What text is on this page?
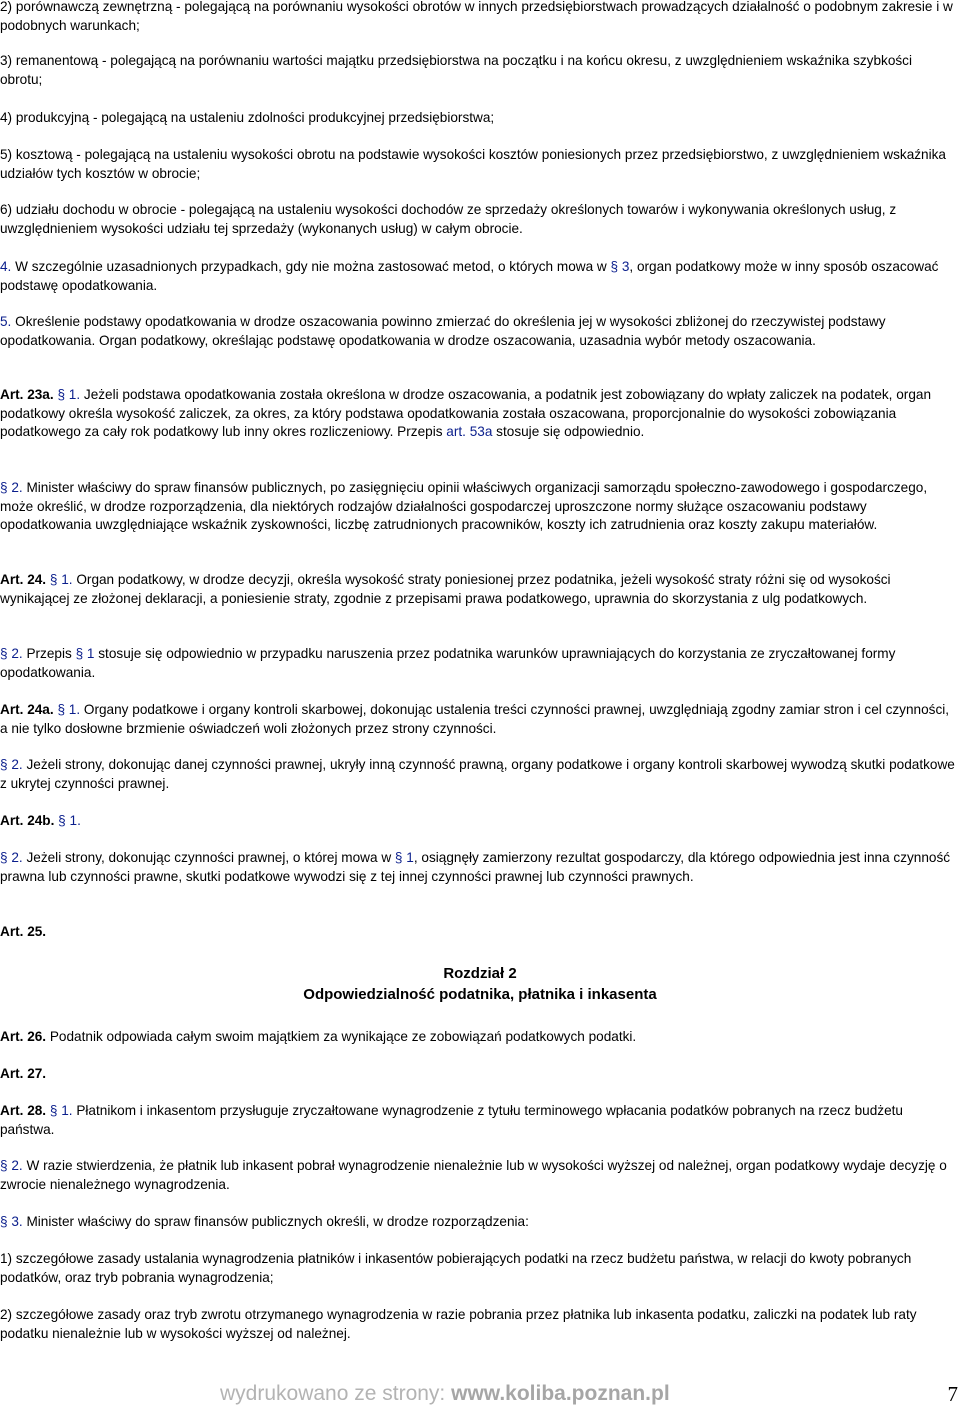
2) porównawczą zewnętrzną - polegającą na porównaniu wysokości obrotów w innych przedsiębiorstwach prowadzących działalność o podobnym zakresie i w podobnych warunkach;

3) remanentową - polegającą na porównaniu wartości majątku przedsiębiorstwa na początku i na końcu okresu, z uwzględnieniem wskaźnika szybkości obrotu;

4) produkcyjną - polegającą na ustaleniu zdolności produkcyjnej przedsiębiorstwa;

5) kosztową - polegającą na ustaleniu wysokości obrotu na podstawie wysokości kosztów poniesionych przez przedsiębiorstwo, z uwzględnieniem wskaźnika udziałów tych kosztów w obrocie;

6) udziału dochodu w obrocie - polegającą na ustaleniu wysokości dochodów ze sprzedaży określonych towarów i wykonywania określonych usług, z uwzględnieniem wysokości udziału tej sprzedaży (wykonanych usług) w całym obrocie.

4. W szczególnie uzasadnionych przypadkach, gdy nie można zastosować metod, o których mowa w § 3, organ podatkowy może w inny sposób oszacować podstawę opodatkowania.

5. Określenie podstawy opodatkowania w drodze oszacowania powinno zmierzać do określenia jej w wysokości zbliżonej do rzeczywistej podstawy opodatkowania. Organ podatkowy, określając podstawę opodatkowania w drodze oszacowania, uzasadnia wybór metody oszacowania.

Art. 23a. § 1. Jeżeli podstawa opodatkowania została określona w drodze oszacowania, a podatnik jest zobowiązany do wpłaty zaliczek na podatek, organ podatkowy określa wysokość zaliczek, za okres, za który podstawa opodatkowania została oszacowana, proporcjonalnie do wysokości zobowiązania podatkowego za cały rok podatkowy lub inny okres rozliczeniowy. Przepis art. 53a stosuje się odpowiednio.

§ 2. Minister właściwy do spraw finansów publicznych, po zasięgnięciu opinii właściwych organizacji samorządu społeczno-zawodowego i gospodarczego, może określić, w drodze rozporządzenia, dla niektórych rodzajów działalności gospodarczej uproszczone normy służące oszacowaniu podstawy opodatkowania uwzględniające wskaźnik zyskowności, liczbę zatrudnionych pracowników, koszty ich zatrudnienia oraz koszty zakupu materiałów.

Art. 24. § 1. Organ podatkowy, w drodze decyzji, określa wysokość straty poniesionej przez podatnika, jeżeli wysokość straty różni się od wysokości wynikającej ze złożonej deklaracji, a poniesienie straty, zgodnie z przepisami prawa podatkowego, uprawnia do skorzystania z ulg podatkowych.

§ 2. Przepis § 1 stosuje się odpowiednio w przypadku naruszenia przez podatnika warunków uprawniających do korzystania ze zryczałtowanej formy opodatkowania.

Art. 24a. § 1. Organy podatkowe i organy kontroli skarbowej, dokonując ustalenia treści czynności prawnej, uwzględniają zgodny zamiar stron i cel czynności, a nie tylko dosłowne brzmienie oświadczeń woli złożonych przez strony czynności.

§ 2. Jeżeli strony, dokonując danej czynności prawnej, ukryły inną czynność prawną, organy podatkowe i organy kontroli skarbowej wywodzą skutki podatkowe z ukrytej czynności prawnej.

Art. 24b. § 1.

§ 2. Jeżeli strony, dokonując czynności prawnej, o której mowa w § 1, osiągnęły zamierzony rezultat gospodarczy, dla którego odpowiednia jest inna czynność prawna lub czynności prawne, skutki podatkowe wywodzi się z tej innej czynności prawnej lub czynności prawnych.

Art. 25.

Rozdział 2

Odpowiedzialność podatnika, płatnika i inkasenta

Art. 26. Podatnik odpowiada całym swoim majątkiem za wynikające ze zobowiązań podatkowych podatki.

Art. 27.

Art. 28. § 1. Płatnikom i inkasentom przysługuje zryczałtowane wynagrodzenie z tytułu terminowego wpłacania podatków pobranych na rzecz budżetu państwa.

§ 2. W razie stwierdzenia, że płatnik lub inkasent pobrał wynagrodzenie nienależnie lub w wysokości wyższej od należnej, organ podatkowy wydaje decyzję o zwrocie nienależnego wynagrodzenia.

§ 3. Minister właściwy do spraw finansów publicznych określi, w drodze rozporządzenia:

1) szczegółowe zasady ustalania wynagrodzenia płatników i inkasentów pobierających podatki na rzecz budżetu państwa, w relacji do kwoty pobranych podatków, oraz tryb pobrania wynagrodzenia;

2) szczegółowe zasady oraz tryb zwrotu otrzymanego wynagrodzenia w razie pobrania przez płatnika lub inkasenta podatku, zaliczki na podatek lub raty podatku nienależnie lub w wysokości wyższej od należnej.

wydrukowano ze strony: www.koliba.poznan.pl	7
